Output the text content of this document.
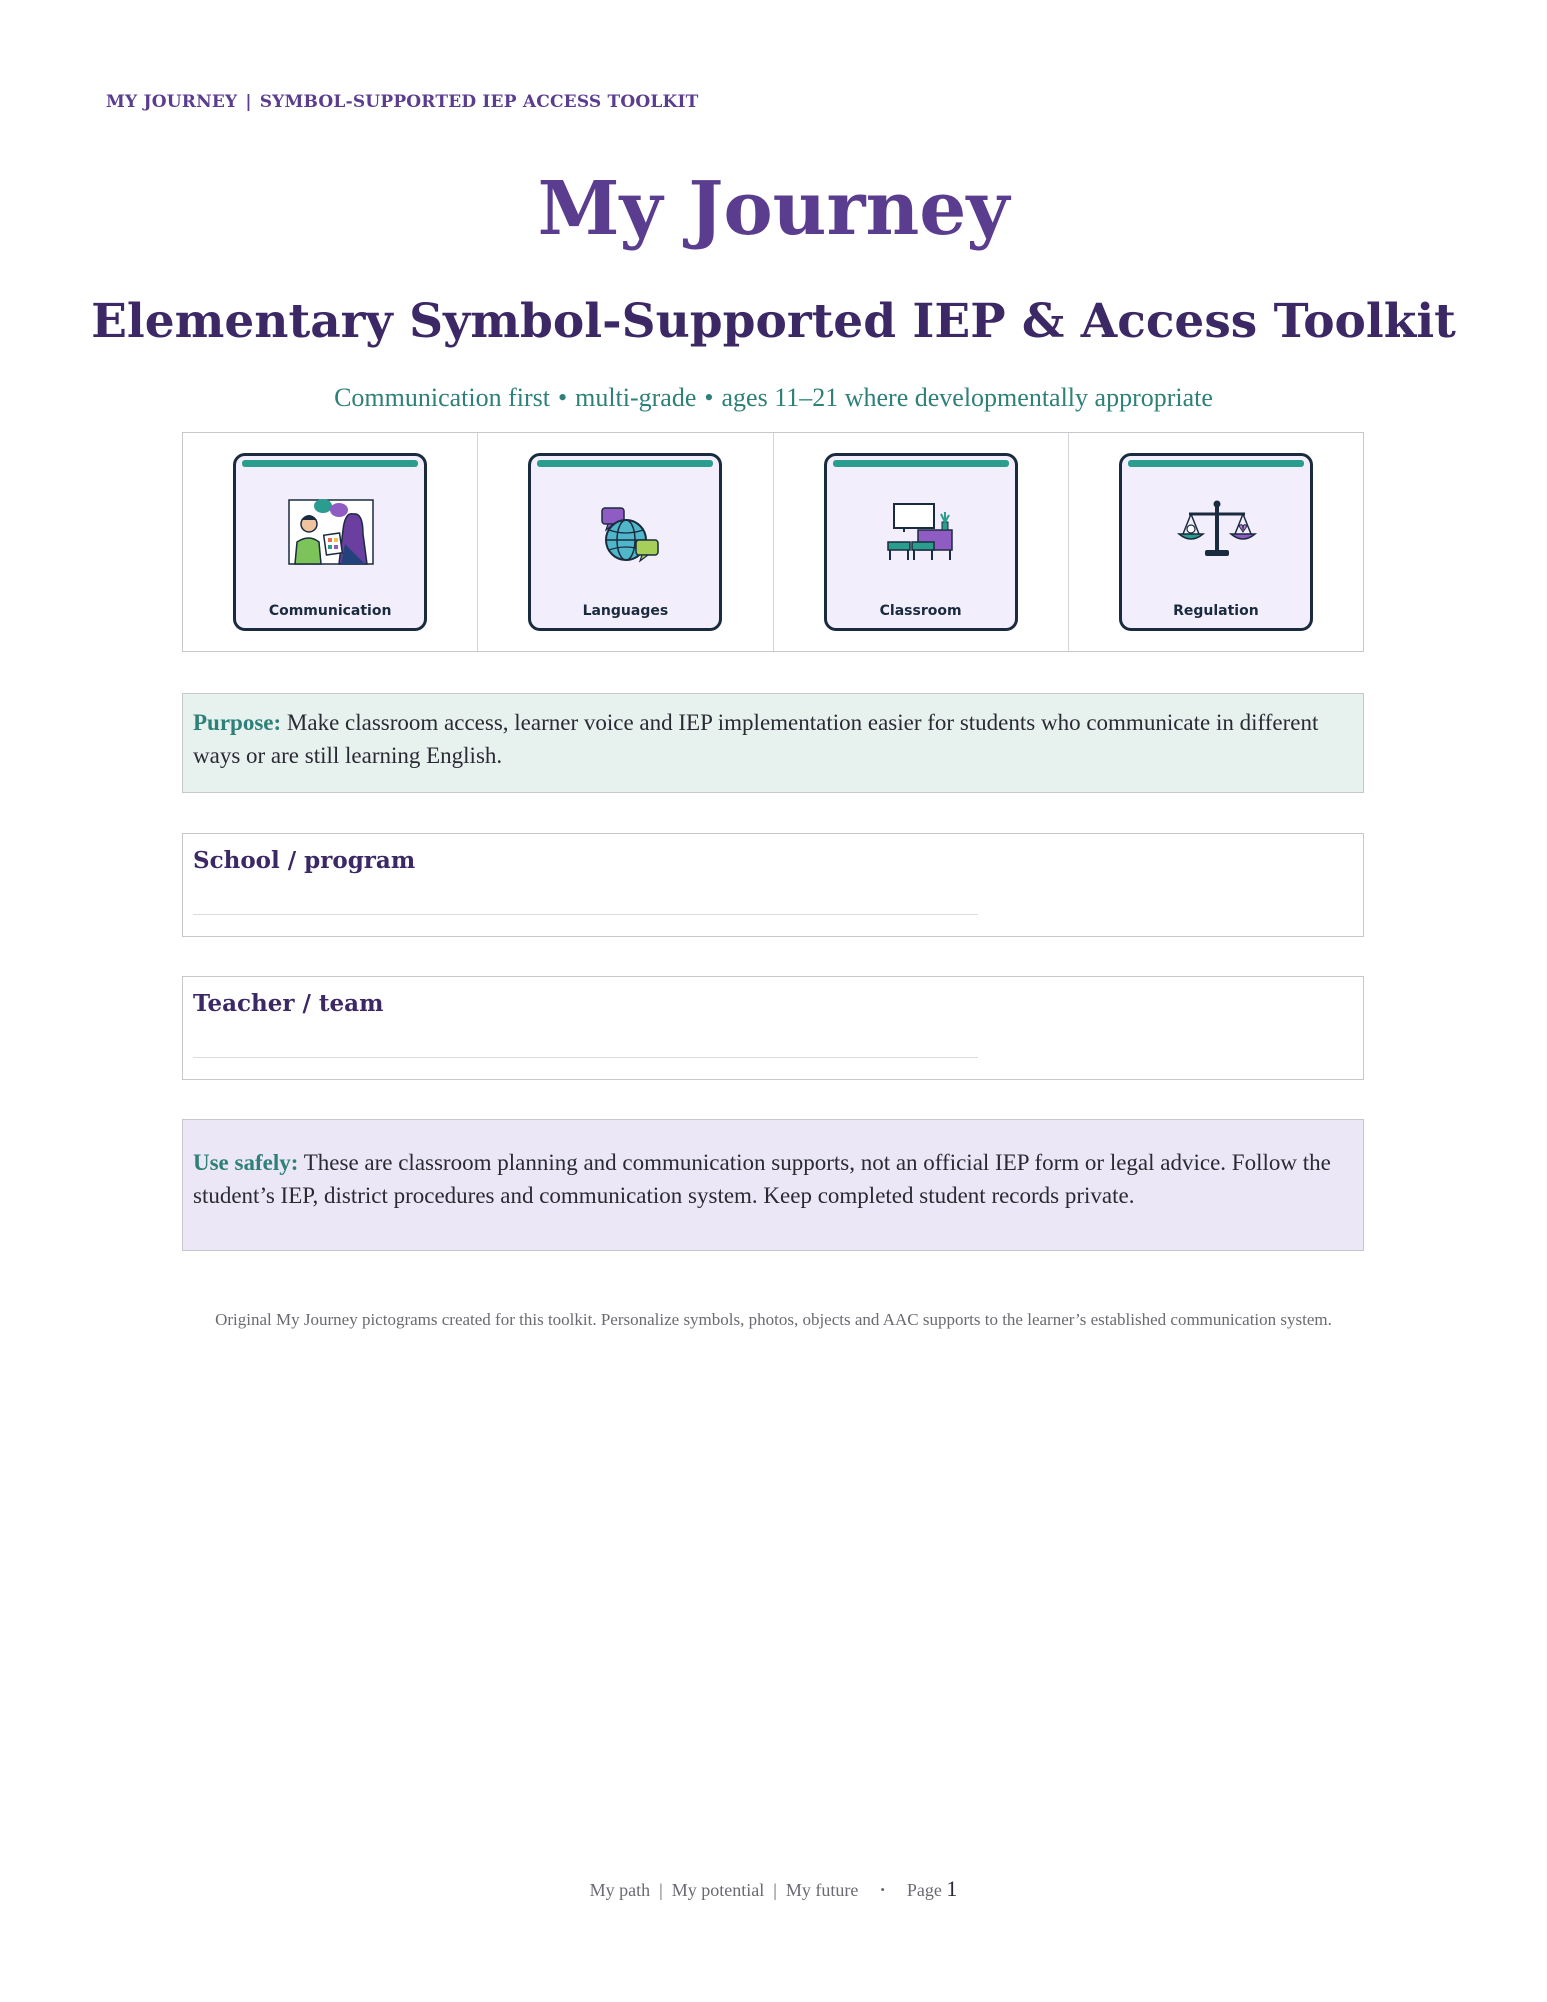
MY JOURNEY | SYMBOL-SUPPORTED IEP ACCESS TOOLKIT
My Journey
Elementary Symbol-Supported IEP & Access Toolkit
Communication first • multi-grade • ages 11–21 where developmentally appropriate
Communication	Languages	Classroom	Regulation
Purpose: Make classroom access, learner voice and IEP implementation easier for students who communicate in different ways or are still learning English.
School / program
Teacher / team
Use safely: These are classroom planning and communication supports, not an official IEP form or legal advice. Follow the student’s IEP, district procedures and communication system. Keep completed student records private.
Original My Journey pictograms created for this toolkit. Personalize symbols, photos, objects and AAC supports to the learner’s established communication system.
My path | My potential | My future • Page 1
